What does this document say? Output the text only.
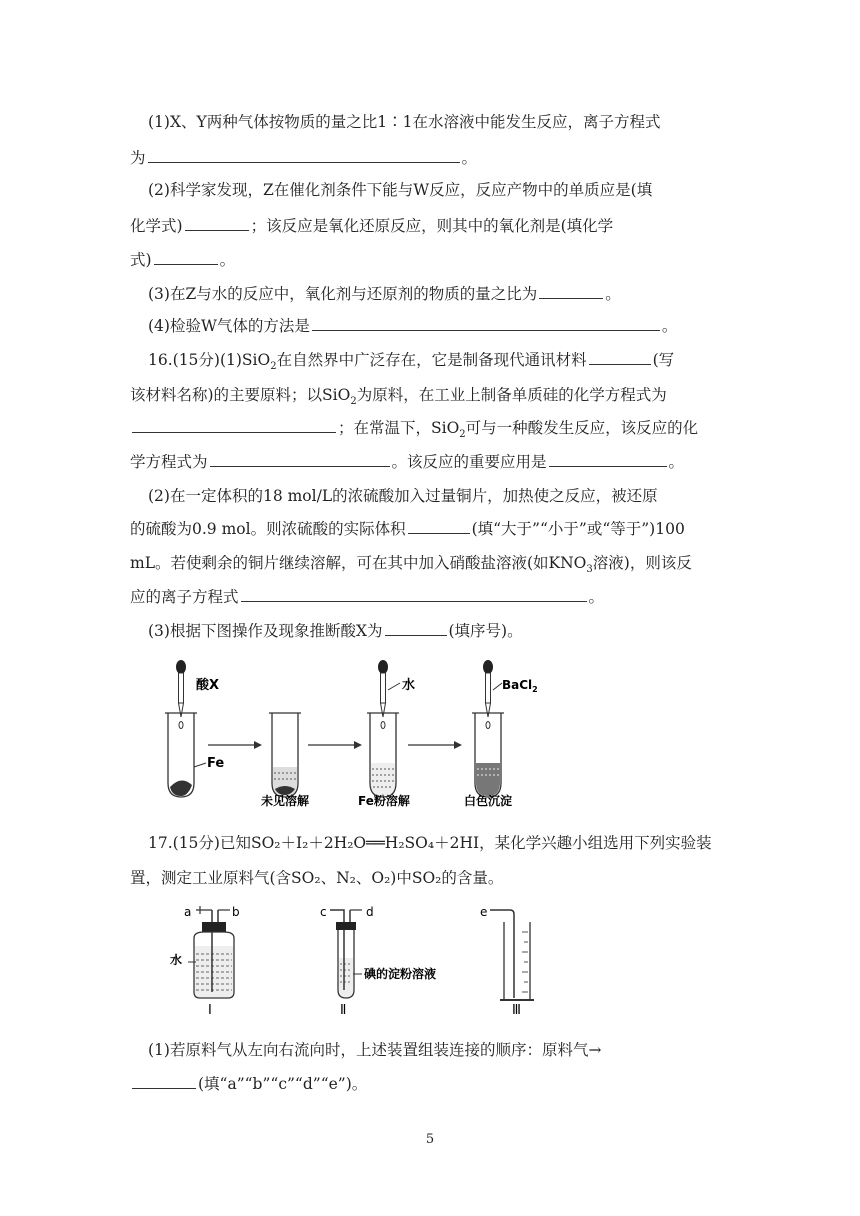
(1)X、Y两种气体按物质的量之比1∶1在水溶液中能发生反应，离子方程式
为	。
(2)科学家发现，Z在催化剂条件下能与W反应，反应产物中的单质应是(填
化学式)	；该反应是氧化还原反应，则其中的氧化剂是(填化学
式)	。
(3)在Z与水的反应中，氧化剂与还原剂的物质的量之比为	。
(4)检验W气体的方法是	。
16.(15分)(1)SiO$_2$在自然界中广泛存在，它是制备现代通讯材料	(写
该材料名称)的主要原料；以SiO$_2$为原料，在工业上制备单质硅的化学方程式为
；在常温下，SiO$_2$可与一种酸发生反应，该反应的化
学方程式为	。该反应的重要应用是	。
(2)在一定体积的18 mol/L的浓硫酸加入过量铜片，加热使之反应，被还原
的硫酸为0.9 mol。则浓硫酸的实际体积	(填“大于”“小于”或“等于”)100
mL。若使剩余的铜片继续溶解，可在其中加入硝酸盐溶液(如$KNO_3$溶液)，则该反
应的离子方程式	。
(3)根据下图操作及现象推断酸X为	(填序号)。
酸X
Fe
未见溶解
水
Fe粉溶解
BaCl$_2$
白色沉淀
17.(15分)已知SO₂＋I₂＋2H₂O══H₂SO₄＋2HI，某化学兴趣小组选用下列实验装
置，测定工业原料气(含SO₂、N₂、O₂)中SO₂的含量。
a	b
水
Ⅰ
c	d
碘的淀粉溶液
Ⅱ
e
Ⅲ
(1)若原料气从左向右流向时，上述装置组装连接的顺序：原料气→
(填“a”“b”“c”“d”“e”)。
5
